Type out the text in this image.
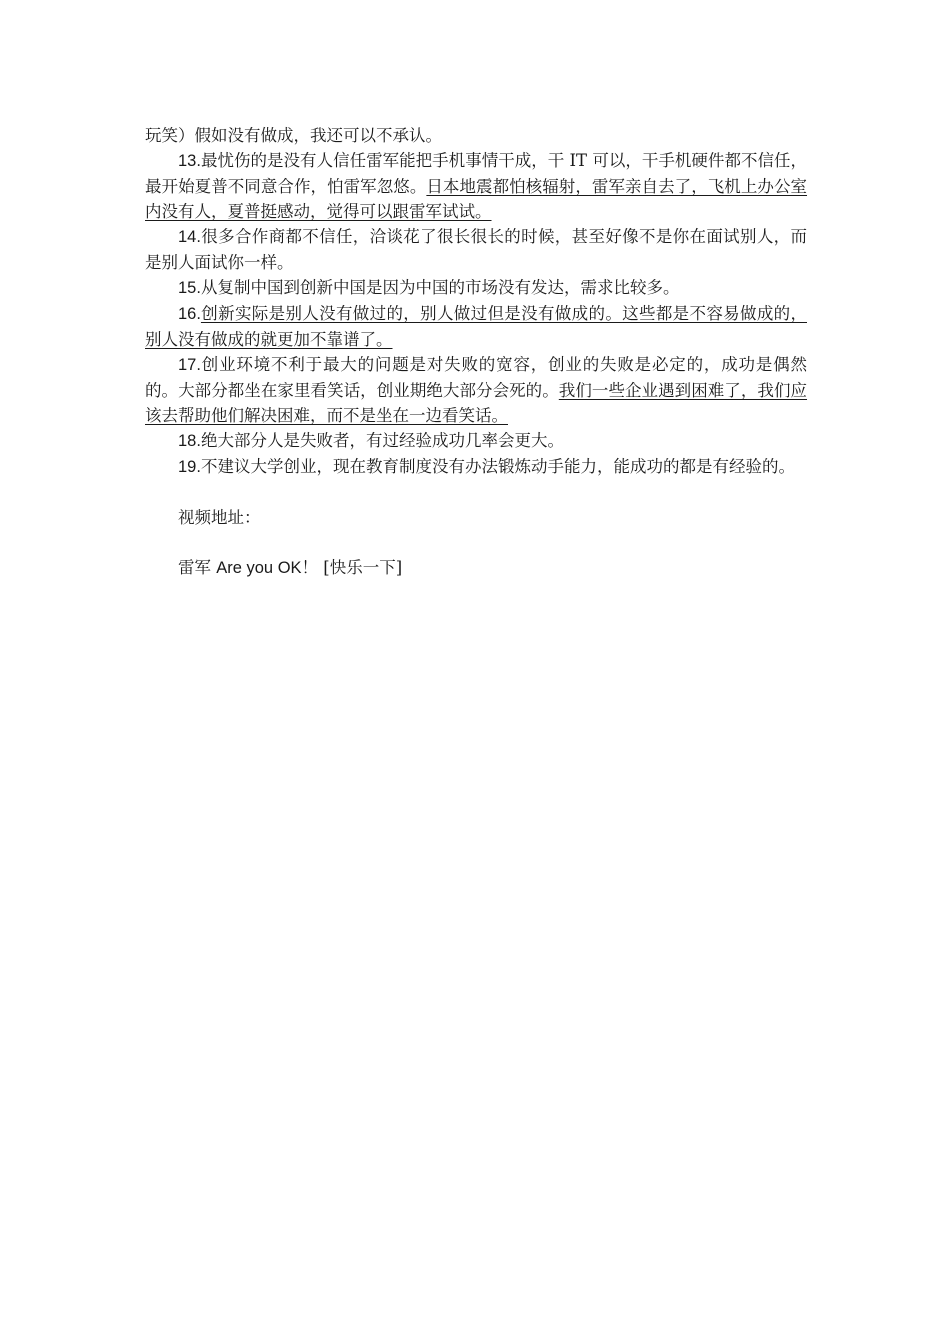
玩笑）假如没有做成，我还可以不承认。

13.最忧伤的是没有人信任雷军能把手机事情干成，干 IT 可以，干手机硬件都不信任，最开始夏普不同意合作，怕雷军忽悠。日本地震都怕核辐射，雷军亲自去了，飞机上办公室内没有人，夏普挺感动，觉得可以跟雷军试试。

14.很多合作商都不信任，洽谈花了很长很长的时候，甚至好像不是你在面试别人，而是别人面试你一样。

15.从复制中国到创新中国是因为中国的市场没有发达，需求比较多。

16.创新实际是别人没有做过的，别人做过但是没有做成的。这些都是不容易做成的，别人没有做成的就更加不靠谱了。

17.创业环境不利于最大的问题是对失败的宽容，创业的失败是必定的，成功是偶然的。大部分都坐在家里看笑话，创业期绝大部分会死的。我们一些企业遇到困难了，我们应该去帮助他们解决困难，而不是坐在一边看笑话。

18.绝大部分人是失败者，有过经验成功几率会更大。

19.不建议大学创业，现在教育制度没有办法锻炼动手能力，能成功的都是有经验的。

视频地址：

雷军 Are you OK！ [快乐一下]
